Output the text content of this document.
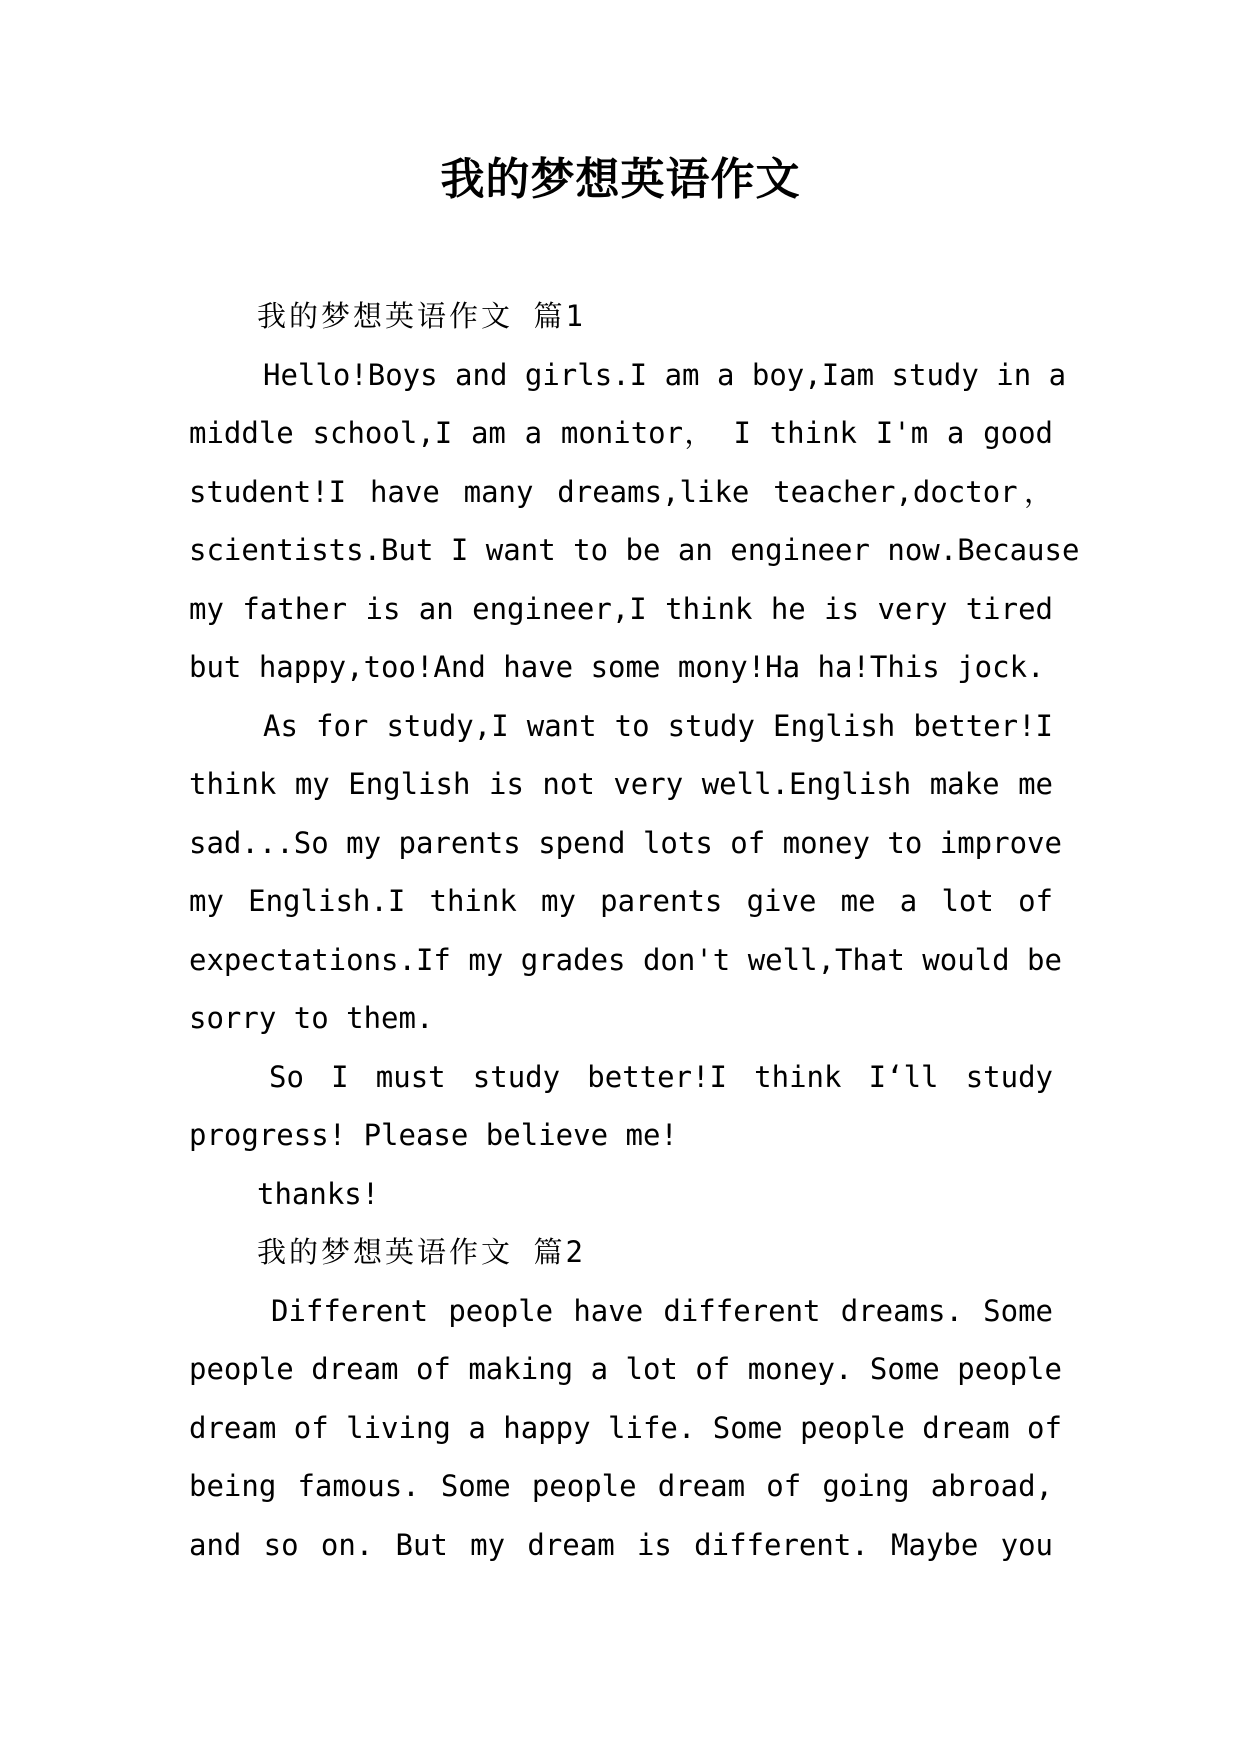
我的梦想英语作文

我的梦想英语作文 篇1

Hello!Boys and girls.I am a boy,Iam study in a
middle school,I am a monitor， I think I'm a good
student!I have many dreams,like teacher,doctor，
scientists.But I want to be an engineer now.Because
my father is an engineer,I think he is very tired
but happy,too!And have some mony!Ha ha!This jock.
As for study,I want to study English better!I
think my English is not very well.English make me
sad...So my parents spend lots of money to improve
my English.I think my parents give me a lot of
expectations.If my grades don't well,That would be
sorry to them.
So I must study better!I think I‘ll study
progress! Please believe me!
thanks!

我的梦想英语作文 篇2

Different people have different dreams. Some
people dream of making a lot of money. Some people
dream of living a happy life. Some people dream of
being famous. Some people dream of going abroad,
and so on. But my dream is different. Maybe you
